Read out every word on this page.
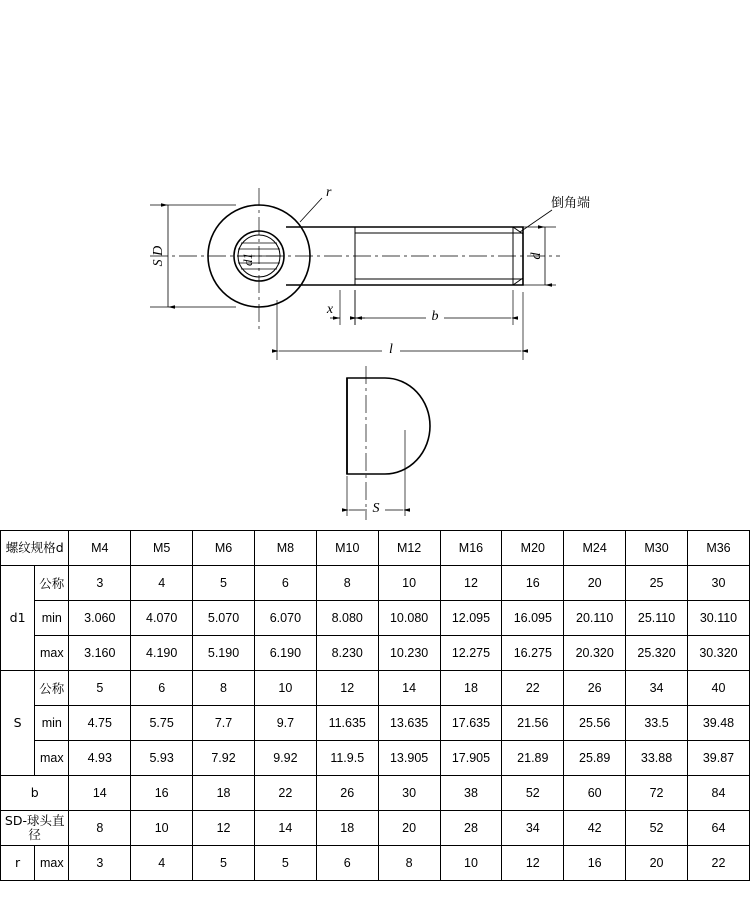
r
倒角端
d1
S D	d
x	b
l
S
螺纹规格d		M4	M5	M6	M8	M10	M12	M16	M20	M24	M30	M36
d1	公称	3	4	5	6	8	10	12	16	20	25	30
	min	3.060	4.070	5.070	6.070	8.080	10.080	12.095	16.095	20.110	25.110	30.110
	max	3.160	4.190	5.190	6.190	8.230	10.230	12.275	16.275	20.320	25.320	30.320
S	公称	5	6	8	10	12	14	18	22	26	34	40
	min	4.75	5.75	7.7	9.7	11.635	13.635	17.635	21.56	25.56	33.5	39.48
	max	4.93	5.93	7.92	9.92	11.9.5	13.905	17.905	21.89	25.89	33.88	39.87
b		14	16	18	22	26	30	38	52	60	72	84
SD-球头直径		8	10	12	14	18	20	28	34	42	52	64
r	max	3	4	5	5	6	8	10	12	16	20	22
